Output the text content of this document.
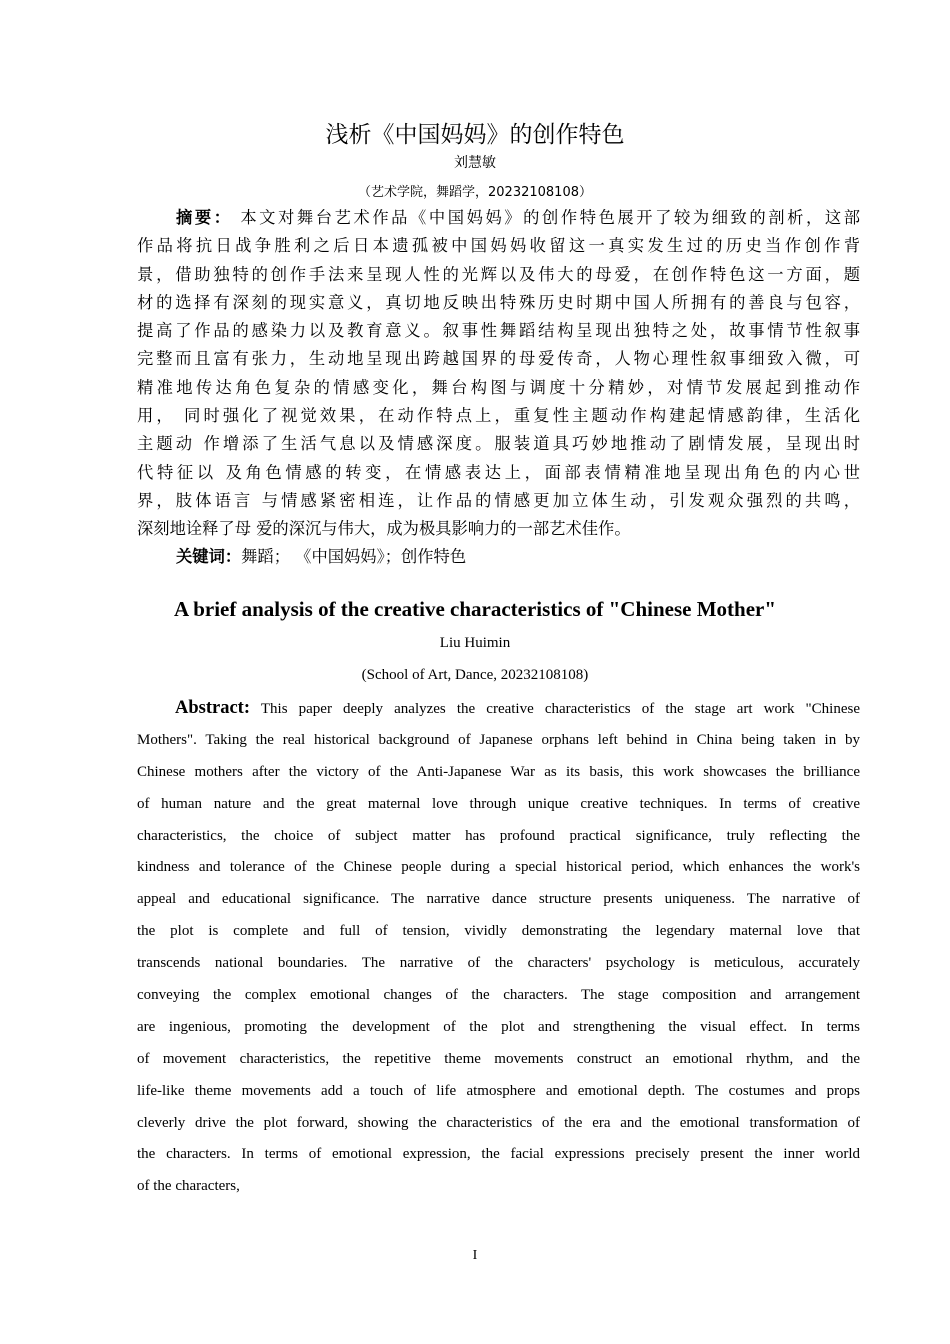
浅析《中国妈妈》的创作特色
刘慧敏
（艺术学院，舞蹈学，20232108108）
摘要： 本文对舞台艺术作品《中国妈妈》的创作特色展开了较为细致的剖析，这部
作品将抗日战争胜利之后日本遗孤被中国妈妈收留这一真实发生过的历史当作创作背
景，借助独特的创作手法来呈现人性的光辉以及伟大的母爱，在创作特色这一方面，题
材的选择有深刻的现实意义，真切地反映出特殊历史时期中国人所拥有的善良与包容，
提高了作品的感染力以及教育意义。叙事性舞蹈结构呈现出独特之处，故事情节性叙事
完整而且富有张力，生动地呈现出跨越国界的母爱传奇，人物心理性叙事细致入微，可
精准地传达角色复杂的情感变化，舞台构图与调度十分精妙，对情节发展起到推动作
用， 同时强化了视觉效果，在动作特点上，重复性主题动作构建起情感韵律，生活化
主题动 作增添了生活气息以及情感深度。服装道具巧妙地推动了剧情发展，呈现出时
代特征以 及角色情感的转变，在情感表达上，面部表情精准地呈现出角色的内心世
界，肢体语言 与情感紧密相连，让作品的情感更加立体生动，引发观众强烈的共鸣，
深刻地诠释了母 爱的深沉与伟大，成为极具影响力的一部艺术佳作。
关键词：舞蹈； 《中国妈妈》；创作特色
A brief analysis of the creative characteristics of "Chinese Mother"
Liu Huimin
(School of Art, Dance, 20232108108)
Abstract: This paper deeply analyzes the creative characteristics of the stage art work "Chinese
Mothers". Taking the real historical background of Japanese orphans left behind in China being taken in by
Chinese mothers after the victory of the Anti-Japanese War as its basis, this work showcases the brilliance
of human nature and the great maternal love through unique creative techniques. In terms of creative
characteristics, the choice of subject matter has profound practical significance, truly reflecting the
kindness and tolerance of the Chinese people during a special historical period, which enhances the work's
appeal and educational significance. The narrative dance structure presents uniqueness. The narrative of
the plot is complete and full of tension, vividly demonstrating the legendary maternal love that
transcends national boundaries. The narrative of the characters' psychology is meticulous, accurately
conveying the complex emotional changes of the characters. The stage composition and arrangement
are ingenious, promoting the development of the plot and strengthening the visual effect. In terms
of movement characteristics, the repetitive theme movements construct an emotional rhythm, and the
life-like theme movements add a touch of life atmosphere and emotional depth. The costumes and props
cleverly drive the plot forward, showing the characteristics of the era and the emotional transformation of
the characters. In terms of emotional expression, the facial expressions precisely present the inner world
of the characters,
I
